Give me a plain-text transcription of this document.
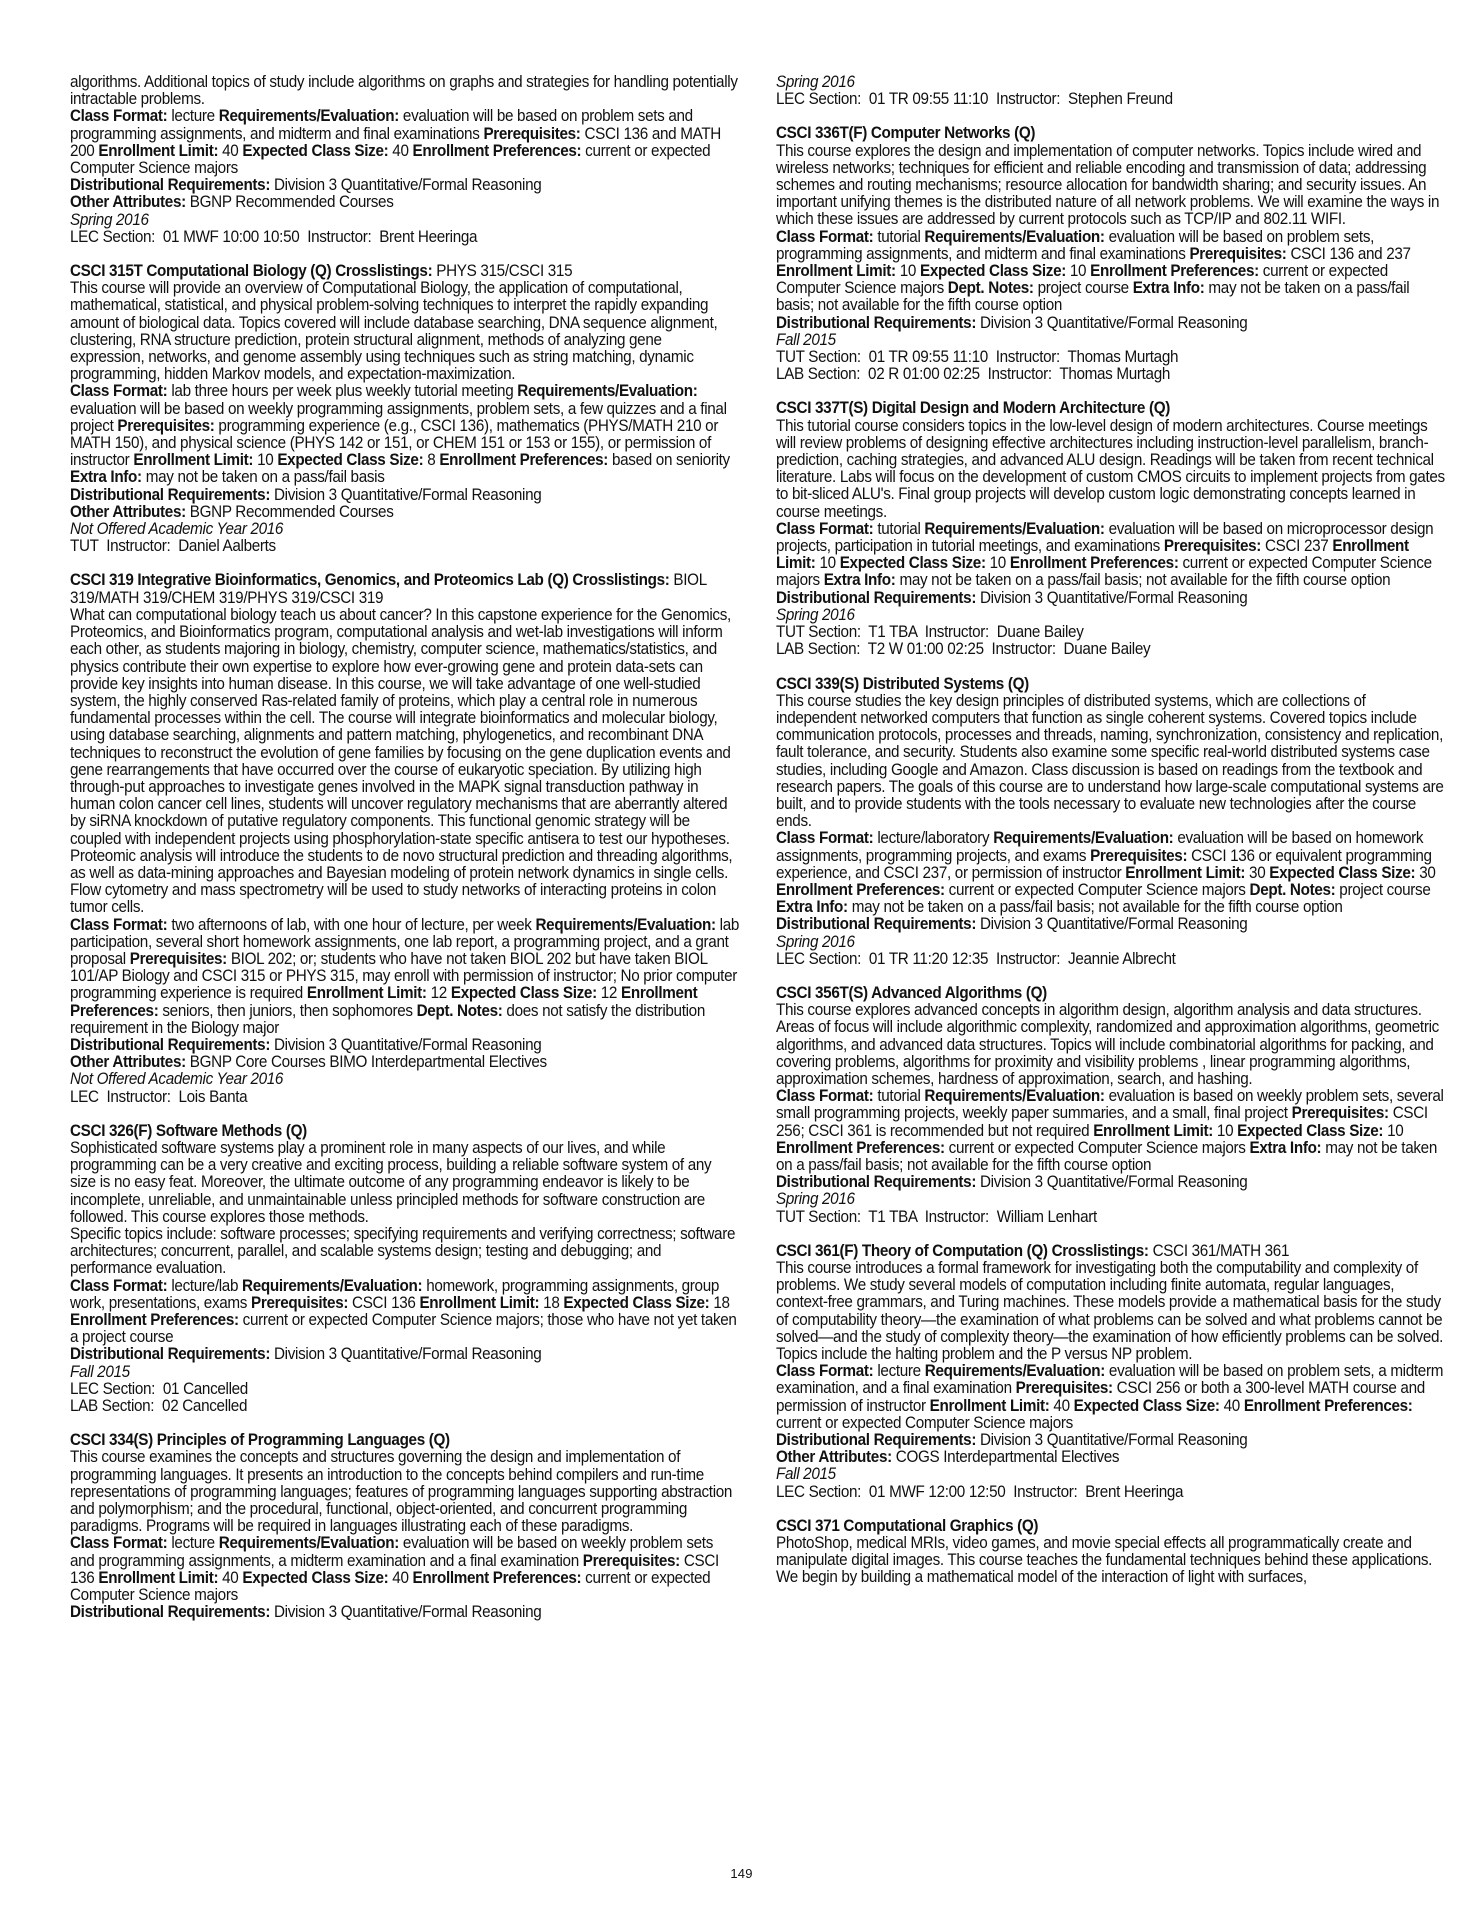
algorithms. Additional topics of study include algorithms on graphs and strategies for handling potentially intractable problems.

Class Format: lecture Requirements/Evaluation: evaluation will be based on problem sets and programming assignments, and midterm and final examinations Prerequisites: CSCI 136 and MATH 200 Enrollment Limit: 40 Expected Class Size: 40 Enrollment Preferences: current or expected Computer Science majors

Distributional Requirements: Division 3 Quantitative/Formal Reasoning

Other Attributes: BGNP Recommended Courses

Spring 2016

LEC Section:  01 MWF 10:00 10:50  Instructor:  Brent Heeringa

CSCI 315T Computational Biology (Q) Crosslistings: PHYS 315/CSCI 315

This course will provide an overview of Computational Biology, the application of computational, mathematical, statistical, and physical problem-solving techniques to interpret the rapidly expanding amount of biological data. Topics covered will include database searching, DNA sequence alignment, clustering, RNA structure prediction, protein structural alignment, methods of analyzing gene expression, networks, and genome assembly using techniques such as string matching, dynamic programming, hidden Markov models, and expectation-maximization.

Class Format: lab three hours per week plus weekly tutorial meeting Requirements/Evaluation: evaluation will be based on weekly programming assignments, problem sets, a few quizzes and a final project Prerequisites: programming experience (e.g., CSCI 136), mathematics (PHYS/MATH 210 or MATH 150), and physical science (PHYS 142 or 151, or CHEM 151 or 153 or 155), or permission of instructor Enrollment Limit: 10 Expected Class Size: 8 Enrollment Preferences: based on seniority Extra Info: may not be taken on a pass/fail basis

Distributional Requirements: Division 3 Quantitative/Formal Reasoning

Other Attributes: BGNP Recommended Courses

Not Offered Academic Year 2016

TUT  Instructor:  Daniel Aalberts

CSCI 319 Integrative Bioinformatics, Genomics, and Proteomics Lab (Q) Crosslistings: BIOL 319/MATH 319/CHEM 319/PHYS 319/CSCI 319

What can computational biology teach us about cancer? In this capstone experience for the Genomics, Proteomics, and Bioinformatics program, computational analysis and wet-lab investigations will inform each other, as students majoring in biology, chemistry, computer science, mathematics/statistics, and physics contribute their own expertise to explore how ever-growing gene and protein data-sets can provide key insights into human disease. In this course, we will take advantage of one well-studied system, the highly conserved Ras-related family of proteins, which play a central role in numerous fundamental processes within the cell. The course will integrate bioinformatics and molecular biology, using database searching, alignments and pattern matching, phylogenetics, and recombinant DNA techniques to reconstruct the evolution of gene families by focusing on the gene duplication events and gene rearrangements that have occurred over the course of eukaryotic speciation. By utilizing high through-put approaches to investigate genes involved in the MAPK signal transduction pathway in human colon cancer cell lines, students will uncover regulatory mechanisms that are aberrantly altered by siRNA knockdown of putative regulatory components. This functional genomic strategy will be coupled with independent projects using phosphorylation-state specific antisera to test our hypotheses. Proteomic analysis will introduce the students to de novo structural prediction and threading algorithms, as well as data-mining approaches and Bayesian modeling of protein network dynamics in single cells. Flow cytometry and mass spectrometry will be used to study networks of interacting proteins in colon tumor cells.

Class Format: two afternoons of lab, with one hour of lecture, per week Requirements/Evaluation: lab participation, several short homework assignments, one lab report, a programming project, and a grant proposal Prerequisites: BIOL 202; or; students who have not taken BIOL 202 but have taken BIOL 101/AP Biology and CSCI 315 or PHYS 315, may enroll with permission of instructor; No prior computer programming experience is required Enrollment Limit: 12 Expected Class Size: 12 Enrollment Preferences: seniors, then juniors, then sophomores Dept. Notes: does not satisfy the distribution requirement in the Biology major

Distributional Requirements: Division 3 Quantitative/Formal Reasoning

Other Attributes: BGNP Core Courses BIMO Interdepartmental Electives

Not Offered Academic Year 2016

LEC  Instructor:  Lois Banta

CSCI 326(F) Software Methods (Q)

Sophisticated software systems play a prominent role in many aspects of our lives, and while programming can be a very creative and exciting process, building a reliable software system of any size is no easy feat. Moreover, the ultimate outcome of any programming endeavor is likely to be incomplete, unreliable, and unmaintainable unless principled methods for software construction are followed. This course explores those methods.

Specific topics include: software processes; specifying requirements and verifying correctness; software architectures; concurrent, parallel, and scalable systems design; testing and debugging; and performance evaluation.

Class Format: lecture/lab Requirements/Evaluation: homework, programming assignments, group work, presentations, exams Prerequisites: CSCI 136 Enrollment Limit: 18 Expected Class Size: 18 Enrollment Preferences: current or expected Computer Science majors; those who have not yet taken a project course

Distributional Requirements: Division 3 Quantitative/Formal Reasoning

Fall 2015

LEC Section:  01 Cancelled

LAB Section:  02 Cancelled

CSCI 334(S) Principles of Programming Languages (Q)

This course examines the concepts and structures governing the design and implementation of programming languages. It presents an introduction to the concepts behind compilers and run-time representations of programming languages; features of programming languages supporting abstraction and polymorphism; and the procedural, functional, object-oriented, and concurrent programming paradigms. Programs will be required in languages illustrating each of these paradigms.

Class Format: lecture Requirements/Evaluation: evaluation will be based on weekly problem sets and programming assignments, a midterm examination and a final examination Prerequisites: CSCI 136 Enrollment Limit: 40 Expected Class Size: 40 Enrollment Preferences: current or expected Computer Science majors

Distributional Requirements: Division 3 Quantitative/Formal Reasoning

Spring 2016

LEC Section:  01 TR 09:55 11:10  Instructor:  Stephen Freund

CSCI 336T(F) Computer Networks (Q)

This course explores the design and implementation of computer networks. Topics include wired and wireless networks; techniques for efficient and reliable encoding and transmission of data; addressing schemes and routing mechanisms; resource allocation for bandwidth sharing; and security issues. An important unifying themes is the distributed nature of all network problems. We will examine the ways in which these issues are addressed by current protocols such as TCP/IP and 802.11 WIFI.

Class Format: tutorial Requirements/Evaluation: evaluation will be based on problem sets, programming assignments, and midterm and final examinations Prerequisites: CSCI 136 and 237 Enrollment Limit: 10 Expected Class Size: 10 Enrollment Preferences: current or expected Computer Science majors Dept. Notes: project course Extra Info: may not be taken on a pass/fail basis; not available for the fifth course option

Distributional Requirements: Division 3 Quantitative/Formal Reasoning

Fall 2015

TUT Section:  01 TR 09:55 11:10  Instructor:  Thomas Murtagh

LAB Section:  02 R 01:00 02:25  Instructor:  Thomas Murtagh

CSCI 337T(S) Digital Design and Modern Architecture (Q)

This tutorial course considers topics in the low-level design of modern architectures. Course meetings will review problems of designing effective architectures including instruction-level parallelism, branch-prediction, caching strategies, and advanced ALU design. Readings will be taken from recent technical literature. Labs will focus on the development of custom CMOS circuits to implement projects from gates to bit-sliced ALU's. Final group projects will develop custom logic demonstrating concepts learned in course meetings.

Class Format: tutorial Requirements/Evaluation: evaluation will be based on microprocessor design projects, participation in tutorial meetings, and examinations Prerequisites: CSCI 237 Enrollment Limit: 10 Expected Class Size: 10 Enrollment Preferences: current or expected Computer Science majors Extra Info: may not be taken on a pass/fail basis; not available for the fifth course option

Distributional Requirements: Division 3 Quantitative/Formal Reasoning

Spring 2016

TUT Section:  T1 TBA  Instructor:  Duane Bailey

LAB Section:  T2 W 01:00 02:25  Instructor:  Duane Bailey

CSCI 339(S) Distributed Systems (Q)

This course studies the key design principles of distributed systems, which are collections of independent networked computers that function as single coherent systems. Covered topics include communication protocols, processes and threads, naming, synchronization, consistency and replication, fault tolerance, and security. Students also examine some specific real-world distributed systems case studies, including Google and Amazon. Class discussion is based on readings from the textbook and research papers. The goals of this course are to understand how large-scale computational systems are built, and to provide students with the tools necessary to evaluate new technologies after the course ends.

Class Format: lecture/laboratory Requirements/Evaluation: evaluation will be based on homework assignments, programming projects, and exams Prerequisites: CSCI 136 or equivalent programming experience, and CSCI 237, or permission of instructor Enrollment Limit: 30 Expected Class Size: 30 Enrollment Preferences: current or expected Computer Science majors Dept. Notes: project course Extra Info: may not be taken on a pass/fail basis; not available for the fifth course option

Distributional Requirements: Division 3 Quantitative/Formal Reasoning

Spring 2016

LEC Section:  01 TR 11:20 12:35  Instructor:  Jeannie Albrecht

CSCI 356T(S) Advanced Algorithms (Q)

This course explores advanced concepts in algorithm design, algorithm analysis and data structures. Areas of focus will include algorithmic complexity, randomized and approximation algorithms, geometric algorithms, and advanced data structures. Topics will include combinatorial algorithms for packing, and covering problems, algorithms for proximity and visibility problems , linear programming algorithms, approximation schemes, hardness of approximation, search, and hashing.

Class Format: tutorial Requirements/Evaluation: evaluation is based on weekly problem sets, several small programming projects, weekly paper summaries, and a small, final project Prerequisites: CSCI 256; CSCI 361 is recommended but not required Enrollment Limit: 10 Expected Class Size: 10 Enrollment Preferences: current or expected Computer Science majors Extra Info: may not be taken on a pass/fail basis; not available for the fifth course option

Distributional Requirements: Division 3 Quantitative/Formal Reasoning

Spring 2016

TUT Section:  T1 TBA  Instructor:  William Lenhart

CSCI 361(F) Theory of Computation (Q) Crosslistings: CSCI 361/MATH 361

This course introduces a formal framework for investigating both the computability and complexity of problems. We study several models of computation including finite automata, regular languages, context-free grammars, and Turing machines. These models provide a mathematical basis for the study of computability theory—the examination of what problems can be solved and what problems cannot be solved—and the study of complexity theory—the examination of how efficiently problems can be solved. Topics include the halting problem and the P versus NP problem.

Class Format: lecture Requirements/Evaluation: evaluation will be based on problem sets, a midterm examination, and a final examination Prerequisites: CSCI 256 or both a 300-level MATH course and permission of instructor Enrollment Limit: 40 Expected Class Size: 40 Enrollment Preferences: current or expected Computer Science majors

Distributional Requirements: Division 3 Quantitative/Formal Reasoning

Other Attributes: COGS Interdepartmental Electives

Fall 2015

LEC Section:  01 MWF 12:00 12:50  Instructor:  Brent Heeringa

CSCI 371 Computational Graphics (Q)

PhotoShop, medical MRIs, video games, and movie special effects all programmatically create and manipulate digital images. This course teaches the fundamental techniques behind these applications. We begin by building a mathematical model of the interaction of light with surfaces,

149
